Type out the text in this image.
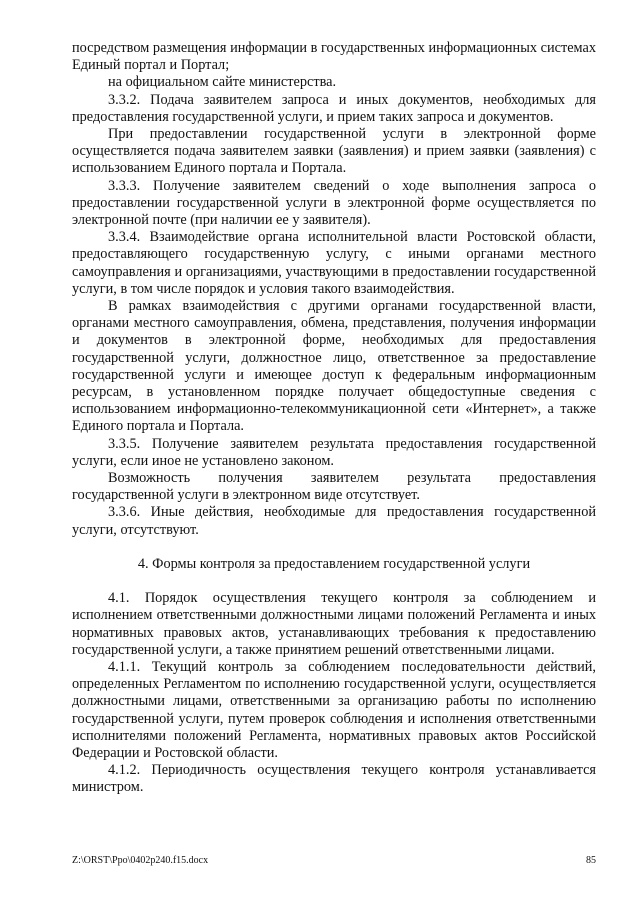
посредством размещения информации в государственных информационных системах Единый портал и Портал;

на официальном сайте министерства.

3.3.2. Подача заявителем запроса и иных документов, необходимых для предоставления государственной услуги, и прием таких запроса и документов.

При предоставлении государственной услуги в электронной форме осуществляется подача заявителем заявки (заявления) и прием заявки (заявления) с использованием Единого портала и Портала.

3.3.3. Получение заявителем сведений о ходе выполнения запроса о предоставлении государственной услуги в электронной форме осуществляется по электронной почте (при наличии ее у заявителя).

3.3.4. Взаимодействие органа исполнительной власти Ростовской области, предоставляющего государственную услугу, с иными органами местного самоуправления и организациями, участвующими в предоставлении государственной услуги, в том числе порядок и условия такого взаимодействия.

В рамках взаимодействия с другими органами государственной власти, органами местного самоуправления, обмена, представления, получения информации и документов в электронной форме, необходимых для предоставления государственной услуги, должностное лицо, ответственное за предоставление государственной услуги и имеющее доступ к федеральным информационным ресурсам, в установленном порядке получает общедоступные сведения с использованием информационно-телекоммуникационной сети «Интернет», а также Единого портала и Портала.

3.3.5. Получение заявителем результата предоставления государственной услуги, если иное не установлено законом.

Возможность получения заявителем результата предоставления государственной услуги в электронном виде отсутствует.

3.3.6. Иные действия, необходимые для предоставления государственной услуги, отсутствуют.

4. Формы контроля за предоставлением государственной услуги

4.1. Порядок осуществления текущего контроля за соблюдением и исполнением ответственными должностными лицами положений Регламента и иных нормативных правовых актов, устанавливающих требования к предоставлению государственной услуги, а также принятием решений ответственными лицами.

4.1.1. Текущий контроль за соблюдением последовательности действий, определенных Регламентом по исполнению государственной услуги, осуществляется должностными лицами, ответственными за организацию работы по исполнению государственной услуги, путем проверок соблюдения и исполнения ответственными исполнителями положений Регламента, нормативных правовых актов Российской Федерации и Ростовской области.

4.1.2. Периодичность осуществления текущего контроля устанавливается министром.

Z:\ORST\Ppo\0402p240.f15.docx	85
